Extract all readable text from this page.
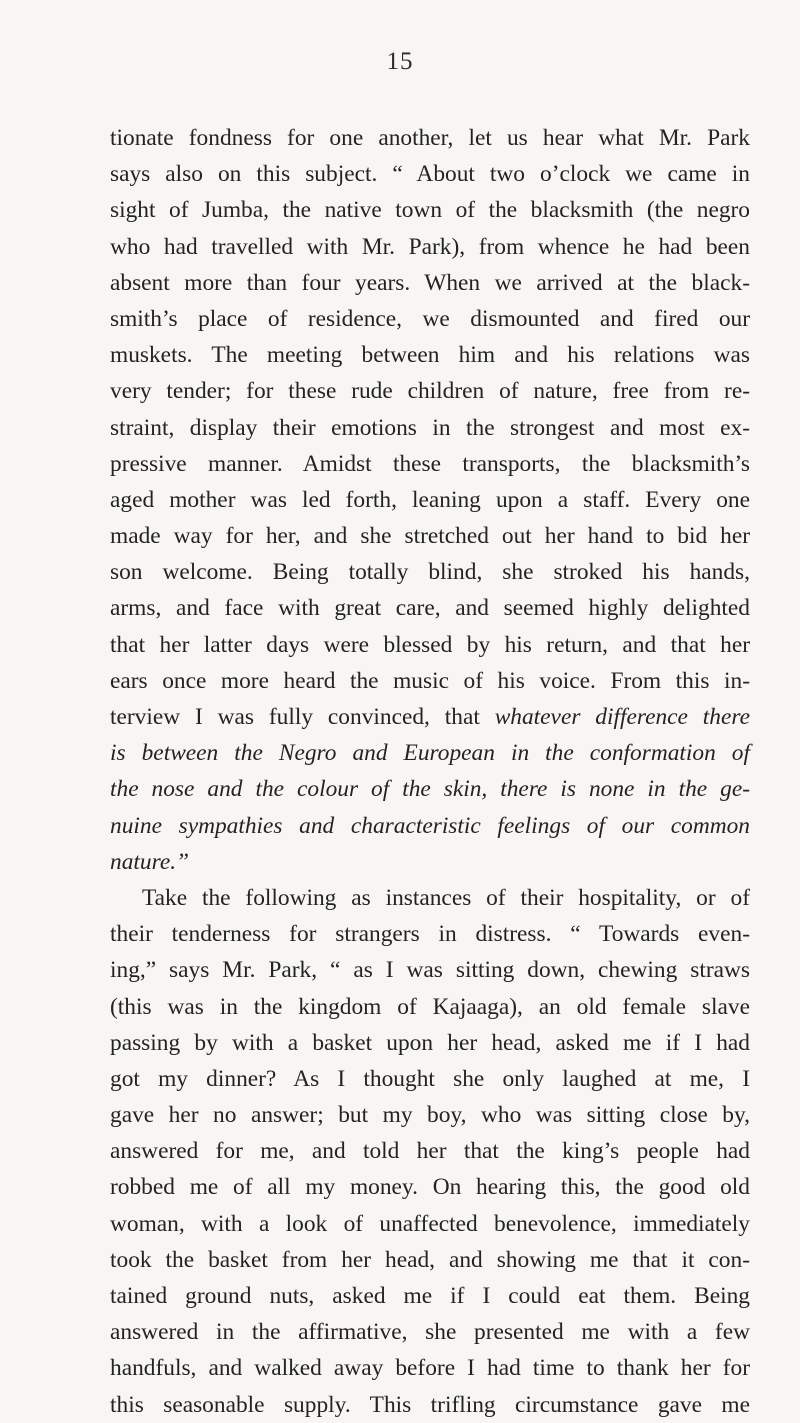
15
tionate fondness for one another, let us hear what Mr. Park
says also on this subject. “ About two o’clock we came in
sight of Jumba, the native town of the blacksmith (the negro
who had travelled with Mr. Park), from whence he had been
absent more than four years. When we arrived at the black-
smith’s place of residence, we dismounted and fired our
muskets. The meeting between him and his relations was
very tender; for these rude children of nature, free from re-
straint, display their emotions in the strongest and most ex-
pressive manner. Amidst these transports, the blacksmith’s
aged mother was led forth, leaning upon a staff. Every one
made way for her, and she stretched out her hand to bid her
son welcome. Being totally blind, she stroked his hands,
arms, and face with great care, and seemed highly delighted
that her latter days were blessed by his return, and that her
ears once more heard the music of his voice. From this in-
terview I was fully convinced, that whatever difference there
is between the Negro and European in the conformation of
the nose and the colour of the skin, there is none in the ge-
nuine sympathies and characteristic feelings of our common
nature.”
Take the following as instances of their hospitality, or of
their tenderness for strangers in distress. “ Towards even-
ing,” says Mr. Park, “ as I was sitting down, chewing straws
(this was in the kingdom of Kajaaga), an old female slave
passing by with a basket upon her head, asked me if I had
got my dinner? As I thought she only laughed at me, I
gave her no answer; but my boy, who was sitting close by,
answered for me, and told her that the king’s people had
robbed me of all my money. On hearing this, the good old
woman, with a look of unaffected benevolence, immediately
took the basket from her head, and showing me that it con-
tained ground nuts, asked me if I could eat them. Being
answered in the affirmative, she presented me with a few
handfuls, and walked away before I had time to thank her for
this seasonable supply. This trifling circumstance gave me
